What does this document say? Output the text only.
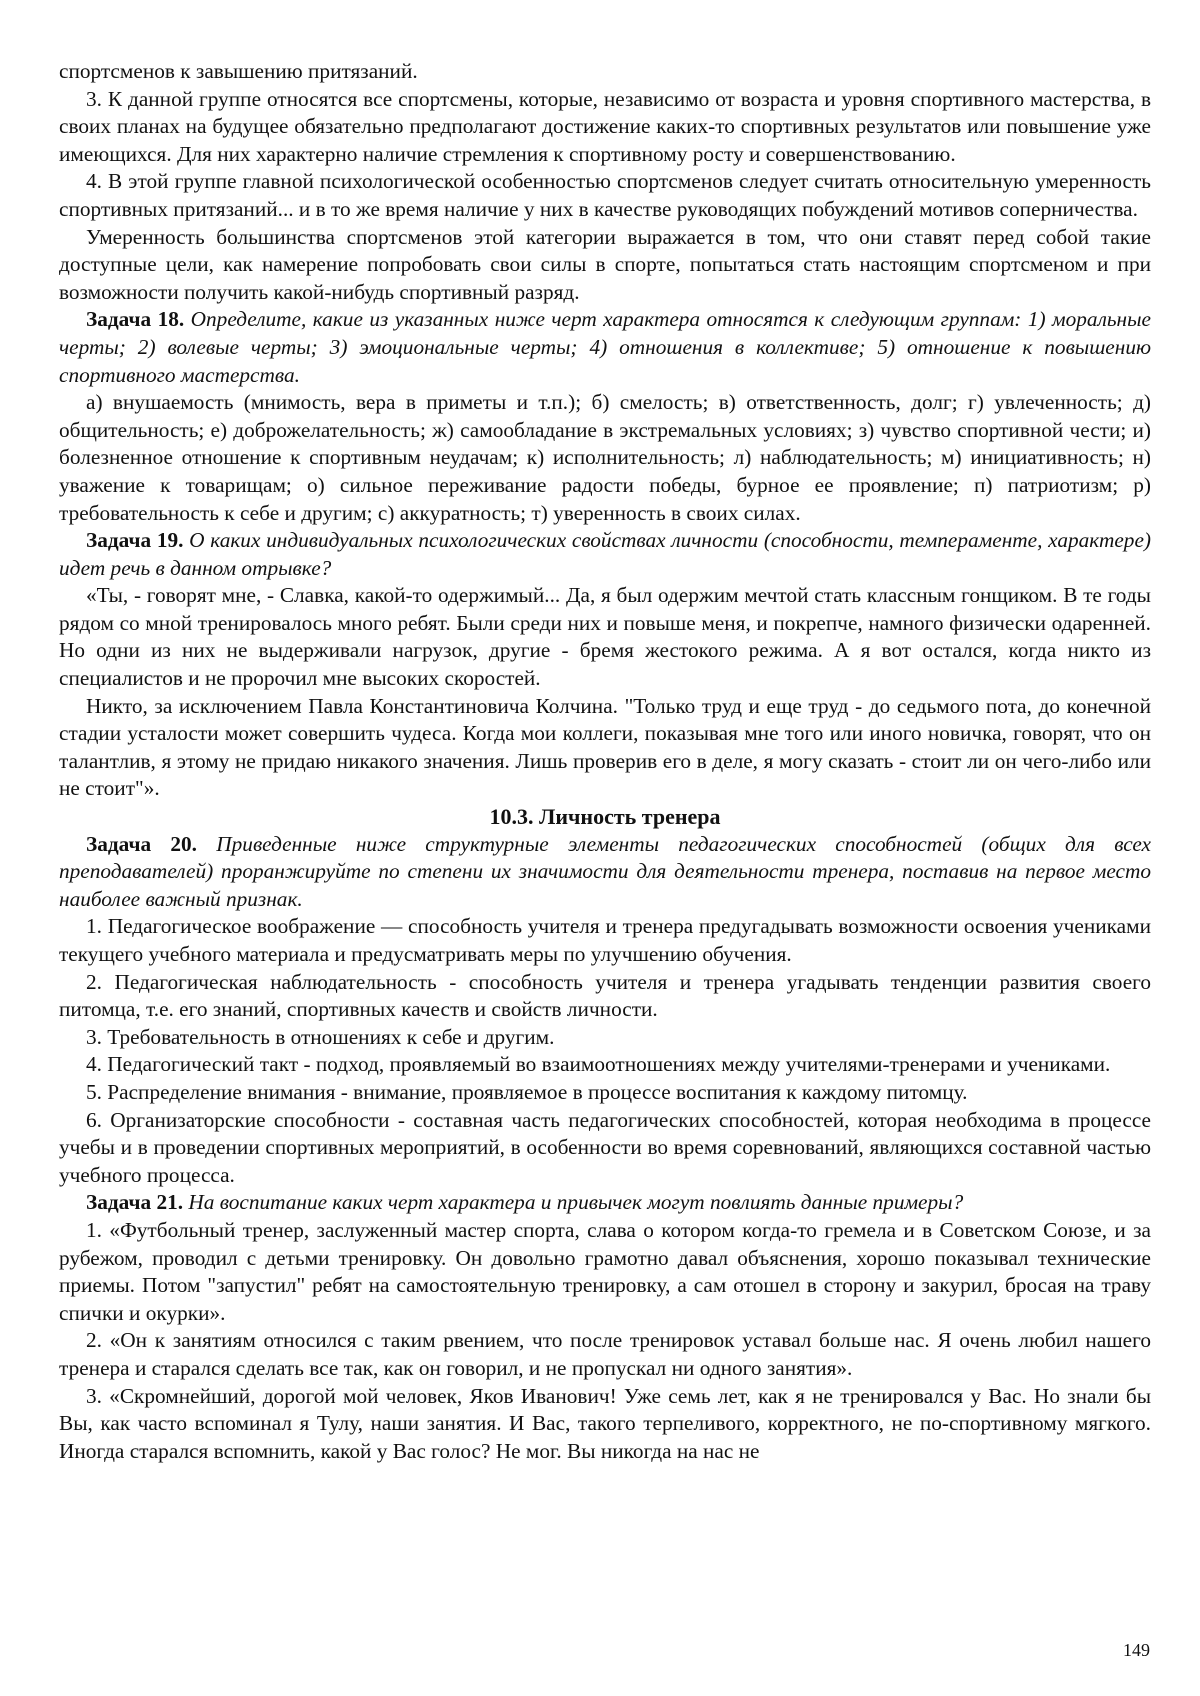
спортсменов к завышению притязаний.

3. К данной группе относятся все спортсмены, которые, независимо от возраста и уровня спортивного мастерства, в своих планах на будущее обязательно предполагают достижение каких-то спортивных результатов или повышение уже имеющихся. Для них характерно наличие стремления к спортивному росту и совершенствованию.

4. В этой группе главной психологической особенностью спортсменов следует считать относительную умеренность спортивных притязаний... и в то же время наличие у них в качестве руководящих побуждений мотивов соперничества.

Умеренность большинства спортсменов этой категории выражается в том, что они ставят перед собой такие доступные цели, как намерение попробовать свои силы в спорте, попытаться стать настоящим спортсменом и при возможности получить какой-нибудь спортивный разряд.

Задача 18. Определите, какие из указанных ниже черт характера относятся к следующим группам: 1) моральные черты; 2) волевые черты; 3) эмоциональные черты; 4) отношения в коллективе; 5) отношение к повышению спортивного мастерства.

а) внушаемость (мнимость, вера в приметы и т.п.); б) смелость; в) ответственность, долг; г) увлеченность; д) общительность; е) доброжелательность; ж) самообладание в экстремальных условиях; з) чувство спортивной чести; и) болезненное отношение к спортивным неудачам; к) исполнительность; л) наблюдательность; м) инициативность; н) уважение к товарищам; о) сильное переживание радости победы, бурное ее проявление; п) патриотизм; р) требовательность к себе и другим; с) аккуратность; т) уверенность в своих силах.

Задача 19. О каких индивидуальных психологических свойствах личности (способности, темпераменте, характере) идет речь в данном отрывке?

«Ты, - говорят мне, - Славка, какой-то одержимый... Да, я был одержим мечтой стать классным гонщиком. В те годы рядом со мной тренировалось много ребят. Были среди них и повыше меня, и покрепче, намного физически одаренней. Но одни из них не выдерживали нагрузок, другие - бремя жестокого режима. А я вот остался, когда никто из специалистов и не пророчил мне высоких скоростей.

Никто, за исключением Павла Константиновича Колчина. "Только труд и еще труд - до седьмого пота, до конечной стадии усталости может совершить чудеса. Когда мои коллеги, показывая мне того или иного новичка, говорят, что он талантлив, я этому не придаю никакого значения. Лишь проверив его в деле, я могу сказать - стоит ли он чего-либо или не стоит"».

10.3. Личность тренера

Задача 20. Приведенные ниже структурные элементы педагогических способностей (общих для всех преподавателей) проранжируйте по степени их значимости для деятельности тренера, поставив на первое место наиболее важный признак.

1. Педагогическое воображение — способность учителя и тренера предугадывать возможности освоения учениками текущего учебного материала и предусматривать меры по улучшению обучения.

2. Педагогическая наблюдательность - способность учителя и тренера угадывать тенденции развития своего питомца, т.е. его знаний, спортивных качеств и свойств личности.

3. Требовательность в отношениях к себе и другим.

4. Педагогический такт - подход, проявляемый во взаимоотношениях между учителями-тренерами и учениками.

5. Распределение внимания - внимание, проявляемое в процессе воспитания к каждому питомцу.

6. Организаторские способности - составная часть педагогических способностей, которая необходима в процессе учебы и в проведении спортивных мероприятий, в особенности во время соревнований, являющихся составной частью учебного процесса.

Задача 21. На воспитание каких черт характера и привычек могут повлиять данные примеры?

1. «Футбольный тренер, заслуженный мастер спорта, слава о котором когда-то гремела и в Советском Союзе, и за рубежом, проводил с детьми тренировку. Он довольно грамотно давал объяснения, хорошо показывал технические приемы. Потом "запустил" ребят на самостоятельную тренировку, а сам отошел в сторону и закурил, бросая на траву спички и окурки».

2. «Он к занятиям относился с таким рвением, что после тренировок уставал больше нас. Я очень любил нашего тренера и старался сделать все так, как он говорил, и не пропускал ни одного занятия».

3. «Скромнейший, дорогой мой человек, Яков Иванович! Уже семь лет, как я не тренировался у Вас. Но знали бы Вы, как часто вспоминал я Тулу, наши занятия. И Вас, такого терпеливого, корректного, не по-спортивному мягкого. Иногда старался вспомнить, какой у Вас голос? Не мог. Вы никогда на нас не

149
